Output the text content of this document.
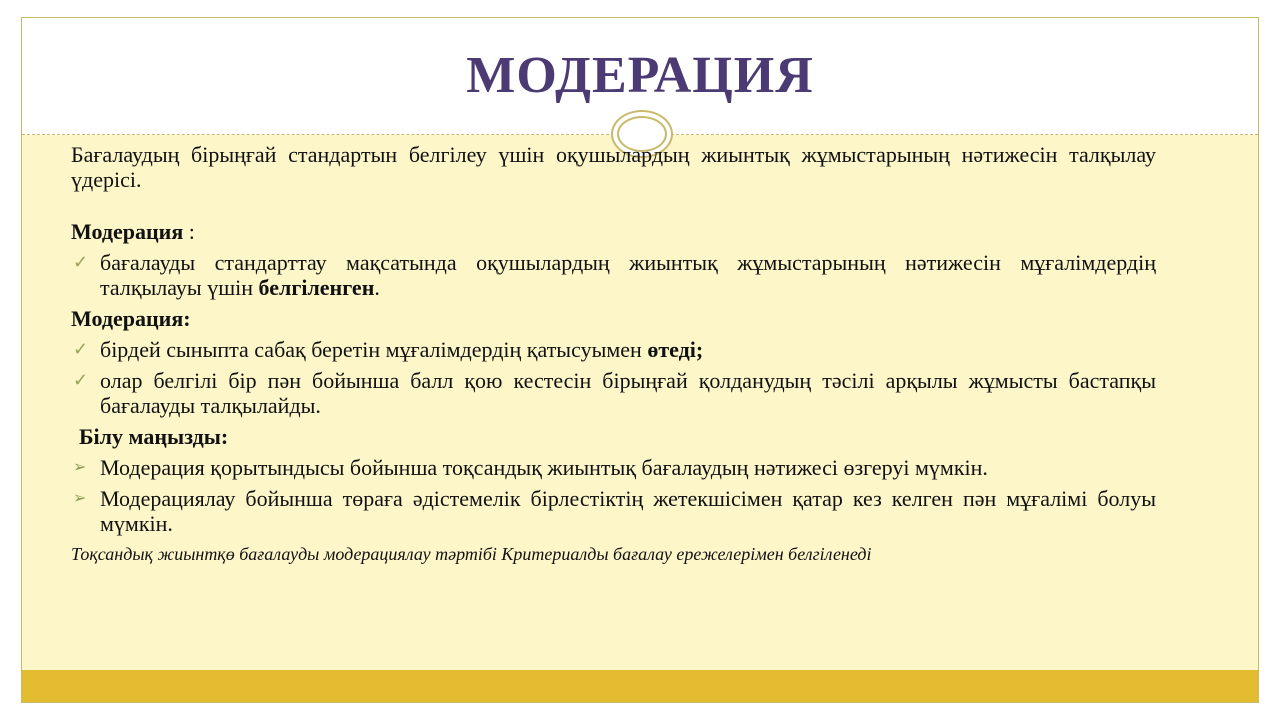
МОДЕРАЦИЯ

Бағалаудың бірыңғай стандартын белгілеу үшін оқушылардың жиынтық жұмыстарының нәтижесін талқылау үдерісі.

Модерация :

✓ бағалауды стандарттау мақсатында оқушылардың жиынтық жұмыстарының нәтижесін мұғалімдердің талқылауы үшін белгіленген.

Модерация:

✓ бірдей сыныпта сабақ беретін мұғалімдердің қатысуымен өтеді;

✓ олар белгілі бір пән бойынша балл қою кестесін бірыңғай қолданудың тәсілі арқылы жұмысты бастапқы бағалауды талқылайды.

Білу маңызды:

➢ Модерация қорытындысы бойынша тоқсандық жиынтық бағалаудың нәтижесі өзгеруі мүмкін.

➢ Модерациялау бойынша төраға әдістемелік бірлестіктің жетекшісімен қатар кез келген пән мұғалімі болуы мүмкін.

Тоқсандық жиынтқө бағалауды модерациялау тәртібі Критериалды бағалау ережелерімен белгіленеді
